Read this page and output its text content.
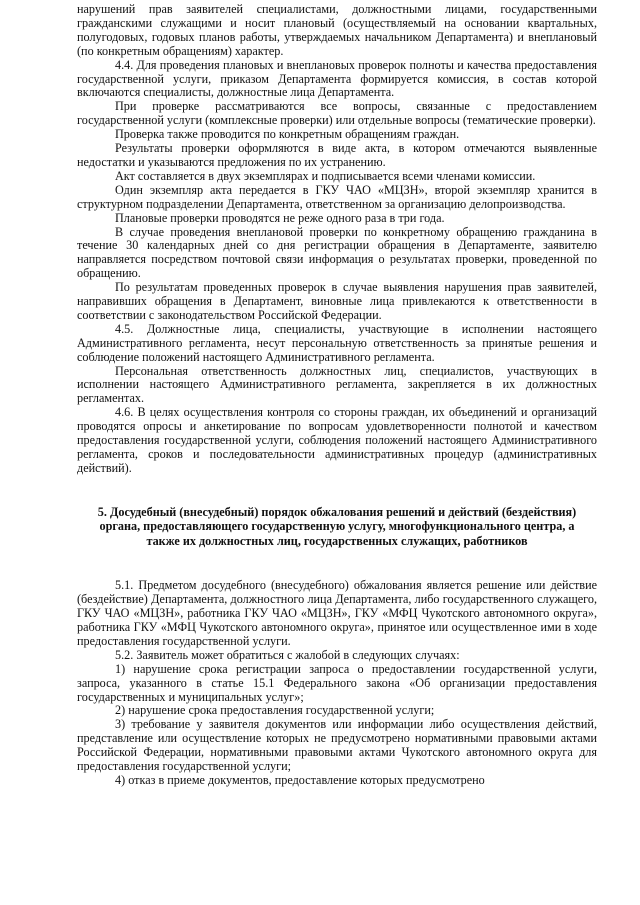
нарушений прав заявителей специалистами, должностными лицами, государственными гражданскими служащими и носит плановый (осуществляемый на основании квартальных, полугодовых, годовых планов работы, утверждаемых начальником Департамента) и внеплановый (по конкретным обращениям) характер.

4.4. Для проведения плановых и внеплановых проверок полноты и качества предоставления государственной услуги, приказом Департамента формируется комиссия, в состав которой включаются специалисты, должностные лица Департамента.

При проверке рассматриваются все вопросы, связанные с предоставлением государственной услуги (комплексные проверки) или отдельные вопросы (тематические проверки).

Проверка также проводится по конкретным обращениям граждан.

Результаты проверки оформляются в виде акта, в котором отмечаются выявленные недостатки и указываются предложения по их устранению.

Акт составляется в двух экземплярах и подписывается всеми членами комиссии.

Один экземпляр акта передается в ГКУ ЧАО «МЦЗН», второй экземпляр хранится в структурном подразделении Департамента, ответственном за организацию делопроизводства.

Плановые проверки проводятся не реже одного раза в три года.

В случае проведения внеплановой проверки по конкретному обращению гражданина в течение 30 календарных дней со дня регистрации обращения в Департаменте, заявителю направляется посредством почтовой связи информация о результатах проверки, проведенной по обращению.

По результатам проведенных проверок в случае выявления нарушения прав заявителей, направивших обращения в Департамент, виновные лица привлекаются к ответственности в соответствии с законодательством Российской Федерации.

4.5. Должностные лица, специалисты, участвующие в исполнении настоящего Административного регламента, несут персональную ответственность за принятые решения и соблюдение положений настоящего Административного регламента.

Персональная ответственность должностных лиц, специалистов, участвующих в исполнении настоящего Административного регламента, закрепляется в их должностных регламентах.

4.6. В целях осуществления контроля со стороны граждан, их объединений и организаций проводятся опросы и анкетирование по вопросам удовлетворенности полнотой и качеством предоставления государственной услуги, соблюдения положений настоящего Административного регламента, сроков и последовательности административных процедур (административных действий).

5. Досудебный (внесудебный) порядок обжалования решений и действий (бездействия)
органа, предоставляющего государственную услугу, многофункционального центра, а
также их должностных лиц, государственных служащих, работников

5.1. Предметом досудебного (внесудебного) обжалования является решение или действие (бездействие) Департамента, должностного лица Департамента, либо государственного служащего, ГКУ ЧАО «МЦЗН», работника ГКУ ЧАО «МЦЗН», ГКУ «МФЦ Чукотского автономного округа», работника ГКУ «МФЦ Чукотского автономного округа», принятое или осуществленное ими в ходе предоставления государственной услуги.

5.2. Заявитель может обратиться с жалобой в следующих случаях:

1) нарушение срока регистрации запроса о предоставлении государственной услуги, запроса, указанного в статье 15.1 Федерального закона «Об организации предоставления государственных и муниципальных услуг»;

2) нарушение срока предоставления государственной услуги;

3) требование у заявителя документов или информации либо осуществления действий, представление или осуществление которых не предусмотрено нормативными правовыми актами Российской Федерации, нормативными правовыми актами Чукотского автономного округа для предоставления государственной услуги;

4) отказ в приеме документов, предоставление которых предусмотрено
